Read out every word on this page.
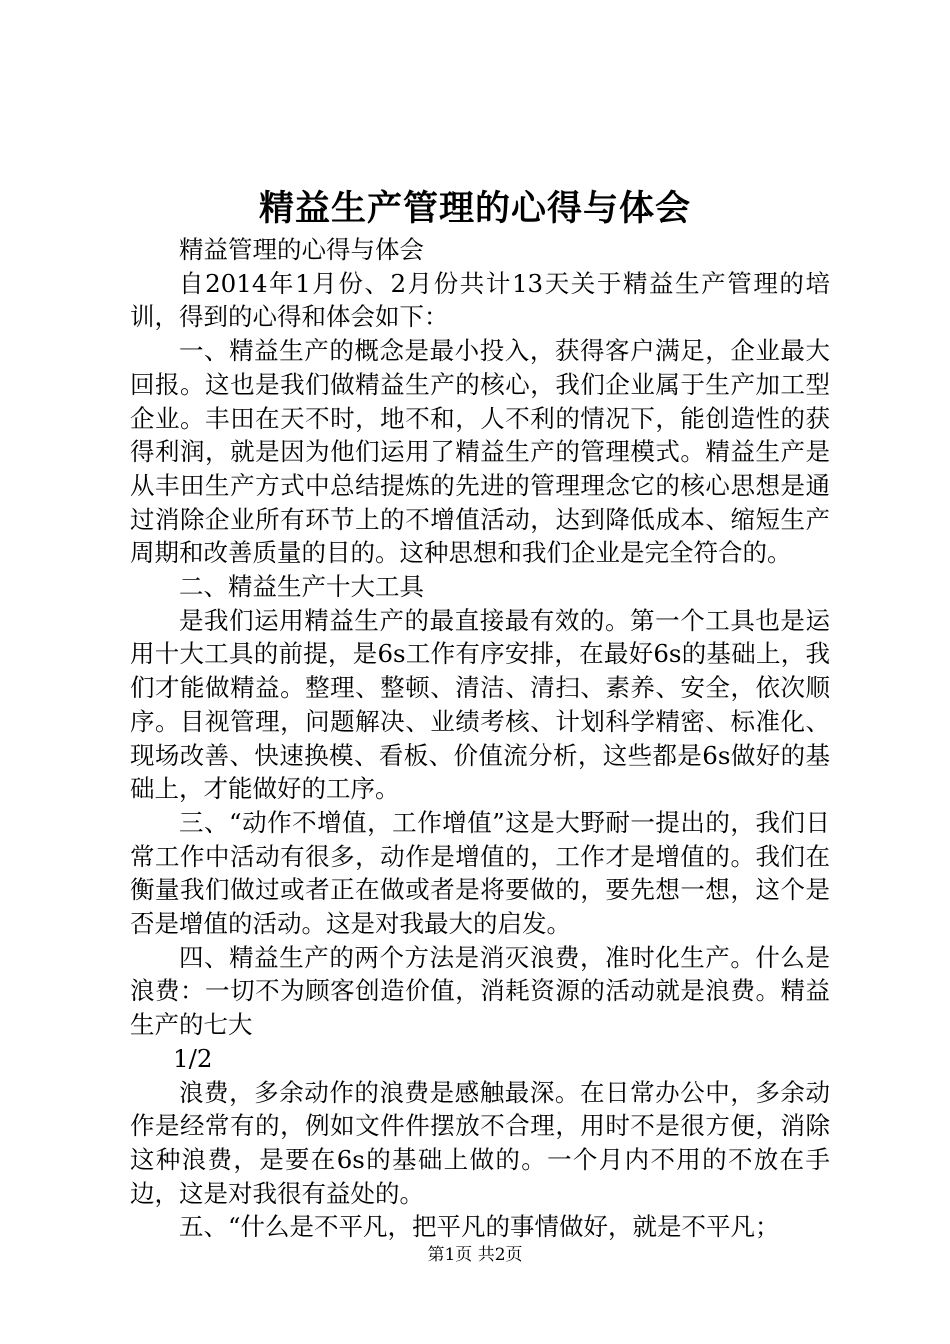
精益生产管理的心得与体会

精益管理的心得与体会

自2014年1月份、2月份共计13天关于精益生产管理的培训，得到的心得和体会如下：

一、精益生产的概念是最小投入，获得客户满足，企业最大回报。这也是我们做精益生产的核心，我们企业属于生产加工型企业。丰田在天不时，地不和，人不利的情况下，能创造性的获得利润，就是因为他们运用了精益生产的管理模式。精益生产是从丰田生产方式中总结提炼的先进的管理理念它的核心思想是通过消除企业所有环节上的不增值活动，达到降低成本、缩短生产周期和改善质量的目的。这种思想和我们企业是完全符合的。

二、精益生产十大工具

是我们运用精益生产的最直接最有效的。第一个工具也是运用十大工具的前提，是6s工作有序安排，在最好6s的基础上，我们才能做精益。整理、整顿、清洁、清扫、素养、安全，依次顺序。目视管理，问题解决、业绩考核、计划科学精密、标准化、现场改善、快速换模、看板、价值流分析，这些都是6s做好的基础上，才能做好的工序。

三、“动作不增值，工作增值”这是大野耐一提出的，我们日常工作中活动有很多，动作是增值的，工作才是增值的。我们在衡量我们做过或者正在做或者是将要做的，要先想一想，这个是否是增值的活动。这是对我最大的启发。

四、精益生产的两个方法是消灭浪费，准时化生产。什么是浪费：一切不为顾客创造价值，消耗资源的活动就是浪费。精益生产的七大

1/2

浪费，多余动作的浪费是感触最深。在日常办公中，多余动作是经常有的，例如文件件摆放不合理，用时不是很方便，消除这种浪费，是要在6s的基础上做的。一个月内不用的不放在手边，这是对我很有益处的。

五、“什么是不平凡，把平凡的事情做好，就是不平凡；

第1页 共2页
